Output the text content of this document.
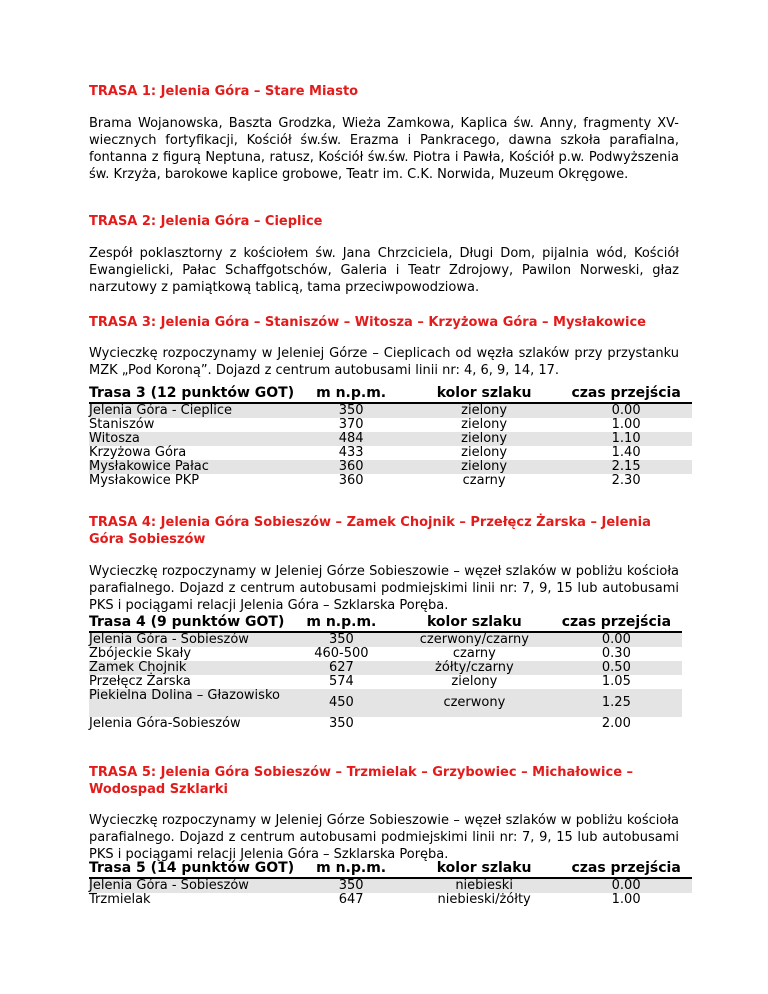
TRASA 1: Jelenia Góra – Stare Miasto
Brama Wojanowska, Baszta Grodzka, Wieża Zamkowa, Kaplica św. Anny, fragmenty XV-wiecznych fortyfikacji, Kościół św.św. Erazma i Pankracego, dawna szkoła parafialna, fontanna z figurą Neptuna, ratusz, Kościół św.św. Piotra i Pawła, Kościół p.w. Podwyższenia św. Krzyża, barokowe kaplice grobowe, Teatr im. C.K. Norwida, Muzeum Okręgowe.
TRASA 2: Jelenia Góra – Cieplice
Zespół poklasztorny z kościołem św. Jana Chrzciciela, Długi Dom, pijalnia wód, Kościół Ewangielicki, Pałac Schaffgotschów, Galeria i Teatr Zdrojowy, Pawilon Norweski, głaz narzutowy z pamiątkową tablicą, tama przeciwpowodziowa.
TRASA 3: Jelenia Góra – Staniszów – Witosza – Krzyżowa Góra – Mysłakowice
Wycieczkę rozpoczynamy w Jeleniej Górze – Cieplicach od węzła szlaków przy przystanku MZK „Pod Koroną”. Dojazd z centrum autobusami linii nr: 4, 6, 9, 14, 17.
Trasa 3 (12 punktów GOT)	m n.p.m.	kolor szlaku	czas przejścia
Jelenia Góra - Cieplice	350	zielony	0.00
Staniszów	370	zielony	1.00
Witosza	484	zielony	1.10
Krzyżowa Góra	433	zielony	1.40
Mysłakowice Pałac	360	zielony	2.15
Mysłakowice PKP	360	czarny	2.30
TRASA 4: Jelenia Góra Sobieszów – Zamek Chojnik – Przełęcz Żarska – Jelenia Góra Sobieszów
Wycieczkę rozpoczynamy w Jeleniej Górze Sobieszowie – węzeł szlaków w pobliżu kościoła parafialnego. Dojazd z centrum autobusami podmiejskimi linii nr: 7, 9, 15 lub autobusami PKS i pociągami relacji Jelenia Góra – Szklarska Poręba.
Trasa 4 (9 punktów GOT)	m n.p.m.	kolor szlaku	czas przejścia
Jelenia Góra - Sobieszów	350	czerwony/czarny	0.00
Zbójeckie Skały	460-500	czarny	0.30
Zamek Chojnik	627	żółty/czarny	0.50
Przełęcz Żarska	574	zielony	1.05
Piekielna Dolina – Głazowisko	450	czerwony	1.25
Jelenia Góra-Sobieszów	350		2.00
TRASA 5: Jelenia Góra Sobieszów – Trzmielak – Grzybowiec – Michałowice – Wodospad Szklarki
Wycieczkę rozpoczynamy w Jeleniej Górze Sobieszowie – węzeł szlaków w pobliżu kościoła parafialnego. Dojazd z centrum autobusami podmiejskimi linii nr: 7, 9, 15 lub autobusami PKS i pociągami relacji Jelenia Góra – Szklarska Poręba.
Trasa 5 (14 punktów GOT)	m n.p.m.	kolor szlaku	czas przejścia
Jelenia Góra - Sobieszów	350	niebieski	0.00
Trzmielak	647	niebieski/żółty	1.00
